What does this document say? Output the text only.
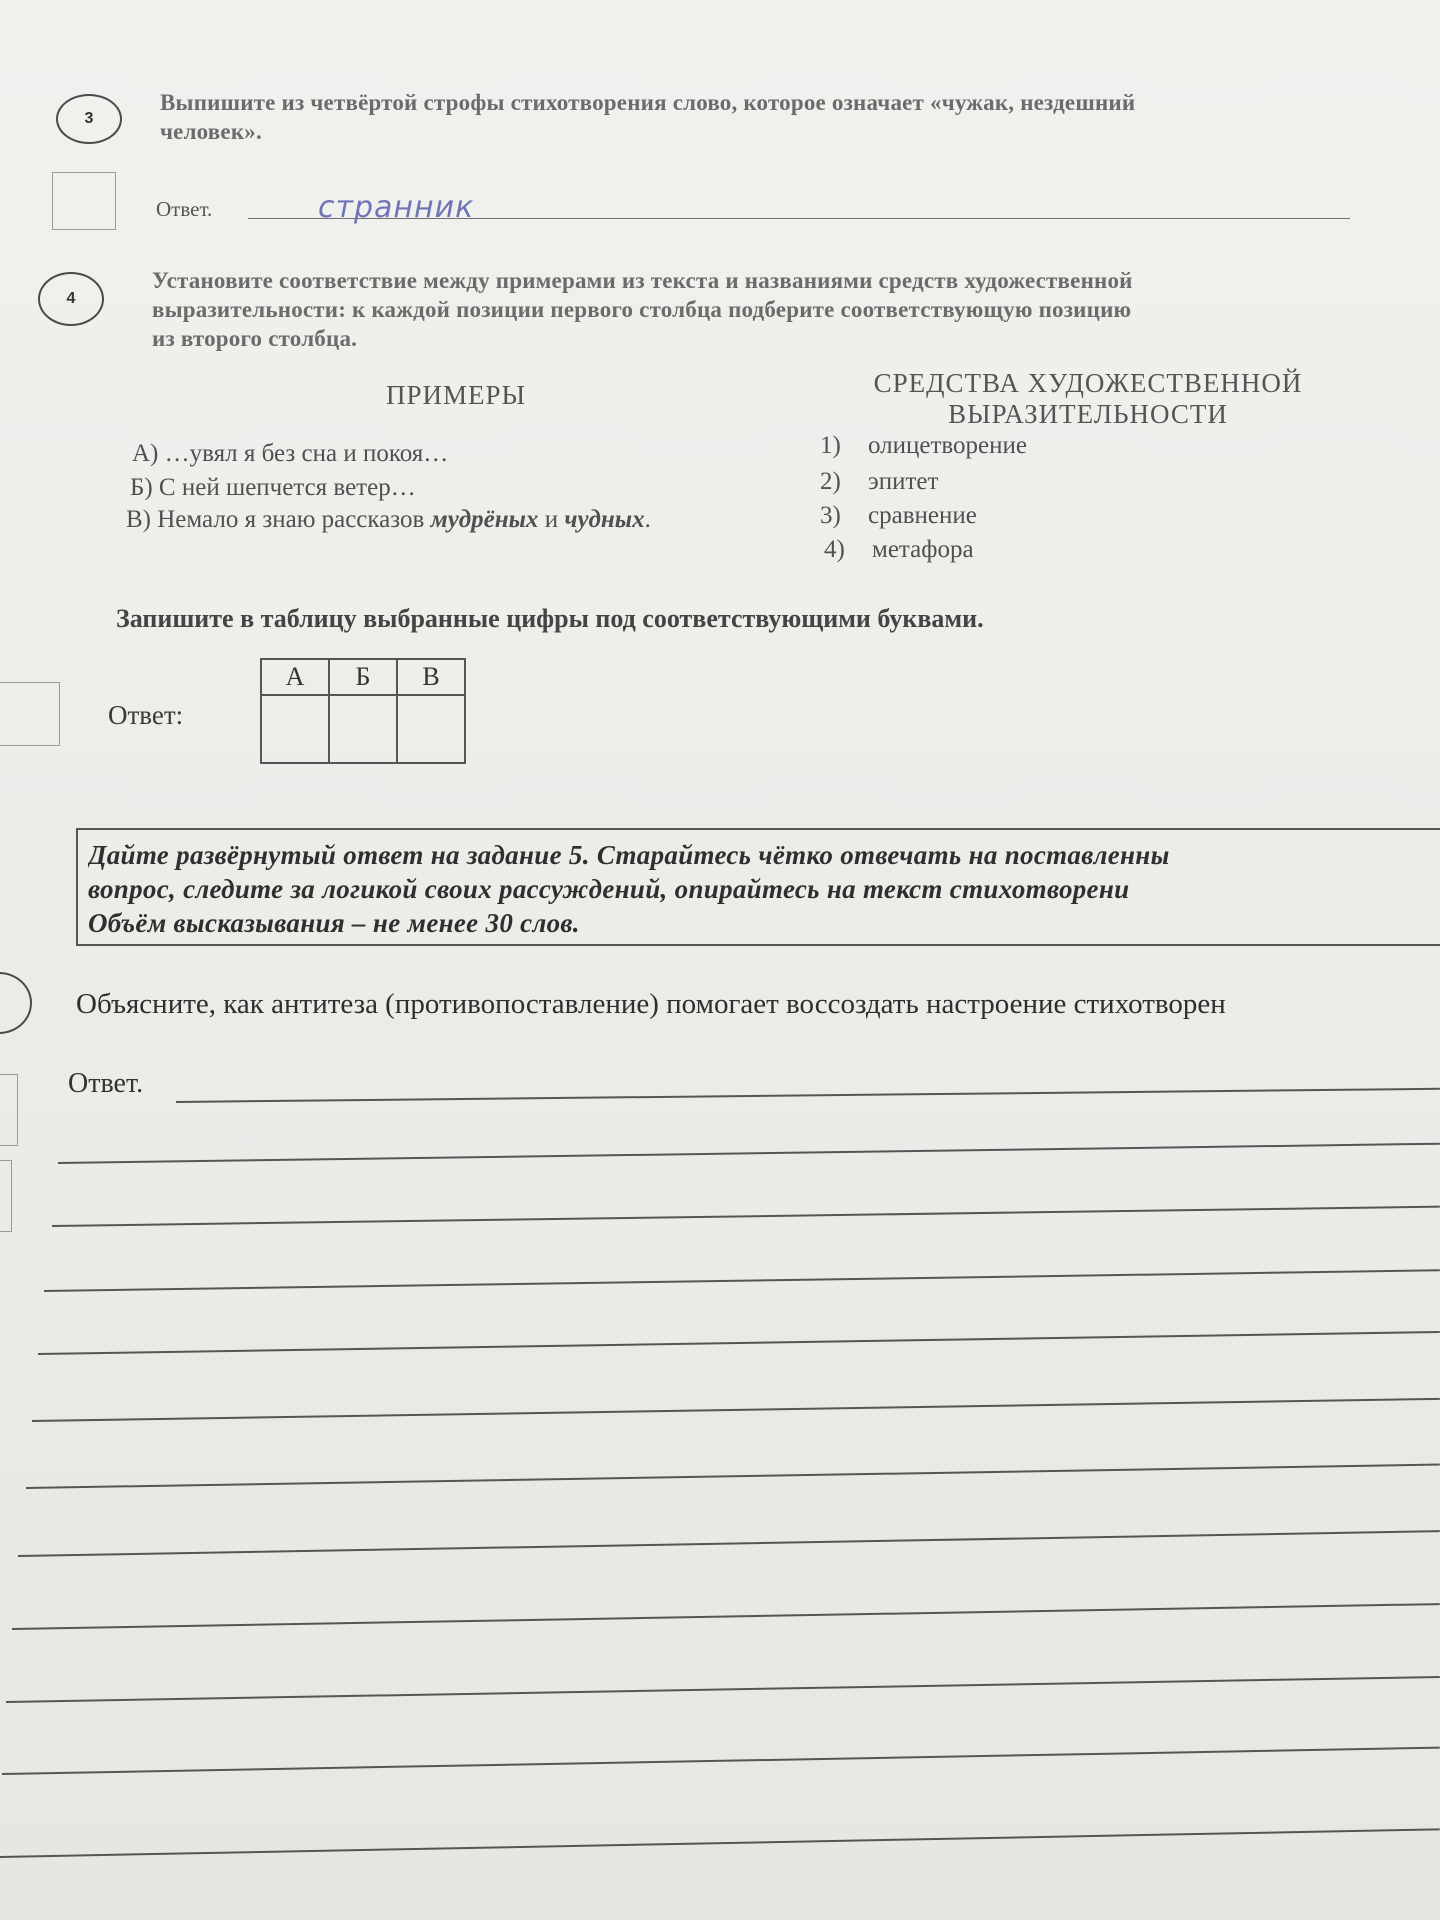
3
Выпишите из четвёртой строфы стихотворения слово, которое означает «чужак, нездешний
человек».
Ответ.	странник
4
Установите соответствие между примерами из текста и названиями средств художественной
выразительности: к каждой позиции первого столбца подберите соответствующую позицию
из второго столбца.
ПРИМЕРЫ	СРЕДСТВА ХУДОЖЕСТВЕННОЙ
ВЫРАЗИТЕЛЬНОСТИ
А) …увял я без сна и покоя…
Б) С ней шепчется ветер…
В) Немало я знаю рассказов мудрёных и чудных.
1) олицетворение
2) эпитет
3) сравнение
4) метафора
Запишите в таблицу выбранные цифры под соответствующими буквами.
Ответ:
А	Б	В

Дайте развёрнутый ответ на задание 5. Старайтесь чётко отвечать на поставленны
вопрос, следите за логикой своих рассуждений, опирайтесь на текст стихотворени
Объём высказывания – не менее 30 слов.
Объясните, как антитеза (противопоставление) помогает воссоздать настроение стихотворен
Ответ.
